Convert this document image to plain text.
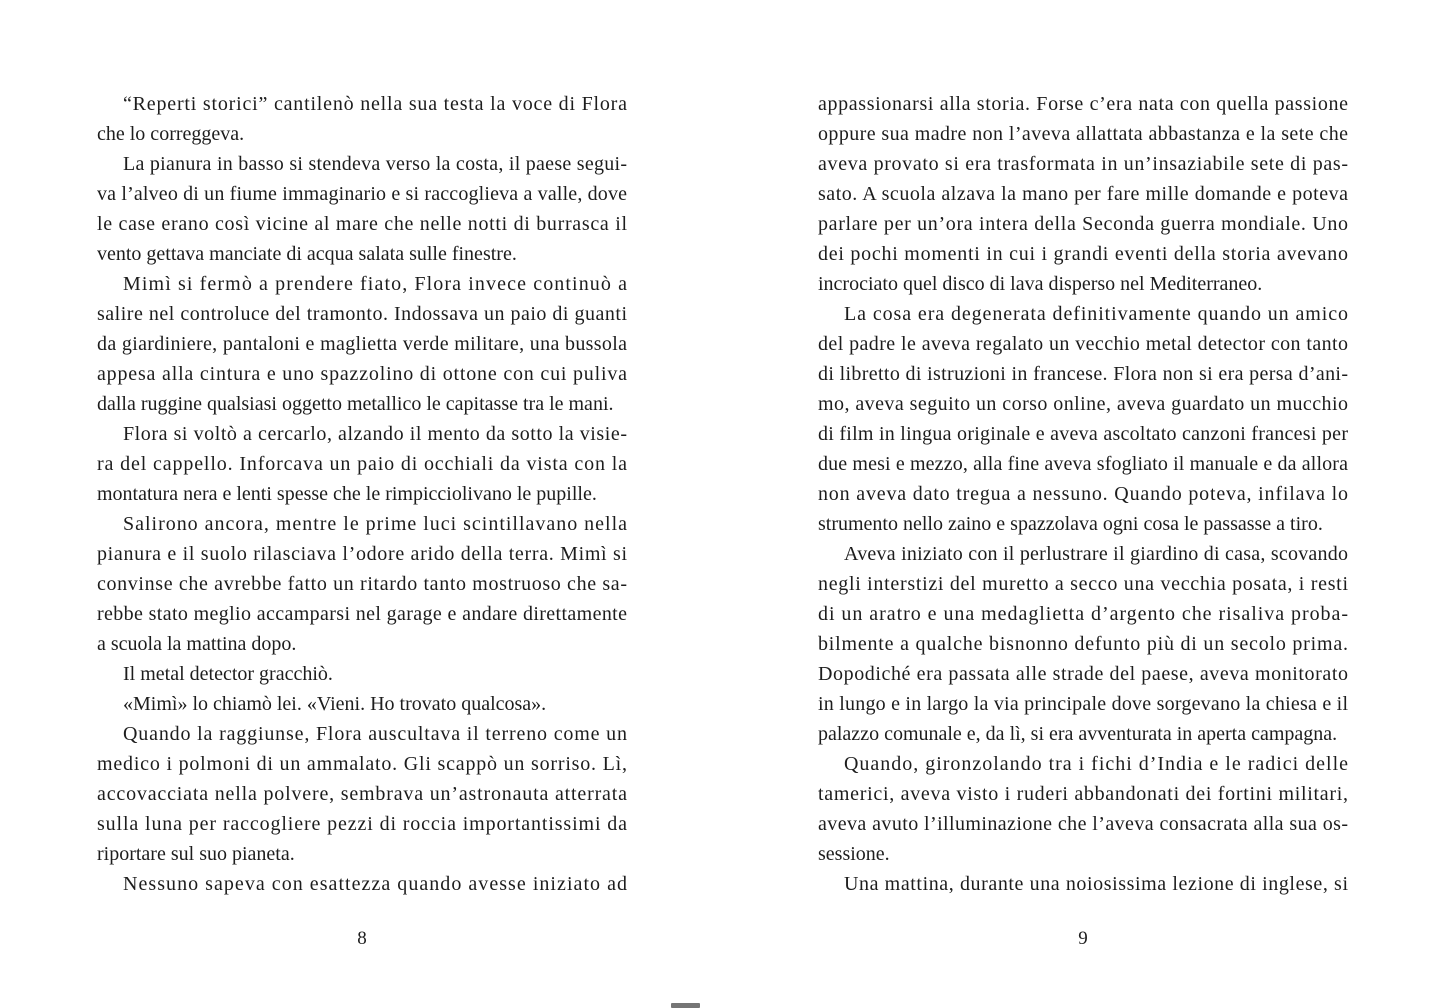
“Reperti storici” cantilenò nella sua testa la voce di Flora
che lo correggeva.
La pianura in basso si stendeva verso la costa, il paese segui-
va l’alveo di un fiume immaginario e si raccoglieva a valle, dove
le case erano così vicine al mare che nelle notti di burrasca il
vento gettava manciate di acqua salata sulle finestre.
Mimì si fermò a prendere fiato, Flora invece continuò a
salire nel controluce del tramonto. Indossava un paio di guanti
da giardiniere, pantaloni e maglietta verde militare, una bussola
appesa alla cintura e uno spazzolino di ottone con cui puliva
dalla ruggine qualsiasi oggetto metallico le capitasse tra le mani.
Flora si voltò a cercarlo, alzando il mento da sotto la visie-
ra del cappello. Inforcava un paio di occhiali da vista con la
montatura nera e lenti spesse che le rimpicciolivano le pupille.
Salirono ancora, mentre le prime luci scintillavano nella
pianura e il suolo rilasciava l’odore arido della terra. Mimì si
convinse che avrebbe fatto un ritardo tanto mostruoso che sa-
rebbe stato meglio accamparsi nel garage e andare direttamente
a scuola la mattina dopo.
Il metal detector gracchiò.
«Mimì» lo chiamò lei. «Vieni. Ho trovato qualcosa».
Quando la raggiunse, Flora auscultava il terreno come un
medico i polmoni di un ammalato. Gli scappò un sorriso. Lì,
accovacciata nella polvere, sembrava un’astronauta atterrata
sulla luna per raccogliere pezzi di roccia importantissimi da
riportare sul suo pianeta.
Nessuno sapeva con esattezza quando avesse iniziato ad
appassionarsi alla storia. Forse c’era nata con quella passione
oppure sua madre non l’aveva allattata abbastanza e la sete che
aveva provato si era trasformata in un’insaziabile sete di pas-
sato. A scuola alzava la mano per fare mille domande e poteva
parlare per un’ora intera della Seconda guerra mondiale. Uno
dei pochi momenti in cui i grandi eventi della storia avevano
incrociato quel disco di lava disperso nel Mediterraneo.
La cosa era degenerata definitivamente quando un amico
del padre le aveva regalato un vecchio metal detector con tanto
di libretto di istruzioni in francese. Flora non si era persa d’ani-
mo, aveva seguito un corso online, aveva guardato un mucchio
di film in lingua originale e aveva ascoltato canzoni francesi per
due mesi e mezzo, alla fine aveva sfogliato il manuale e da allora
non aveva dato tregua a nessuno. Quando poteva, infilava lo
strumento nello zaino e spazzolava ogni cosa le passasse a tiro.
Aveva iniziato con il perlustrare il giardino di casa, scovando
negli interstizi del muretto a secco una vecchia posata, i resti
di un aratro e una medaglietta d’argento che risaliva proba-
bilmente a qualche bisnonno defunto più di un secolo prima.
Dopodiché era passata alle strade del paese, aveva monitorato
in lungo e in largo la via principale dove sorgevano la chiesa e il
palazzo comunale e, da lì, si era avventurata in aperta campagna.
Quando, gironzolando tra i fichi d’India e le radici delle
tamerici, aveva visto i ruderi abbandonati dei fortini militari,
aveva avuto l’illuminazione che l’aveva consacrata alla sua os-
sessione.
Una mattina, durante una noiosissima lezione di inglese, si
8	9
